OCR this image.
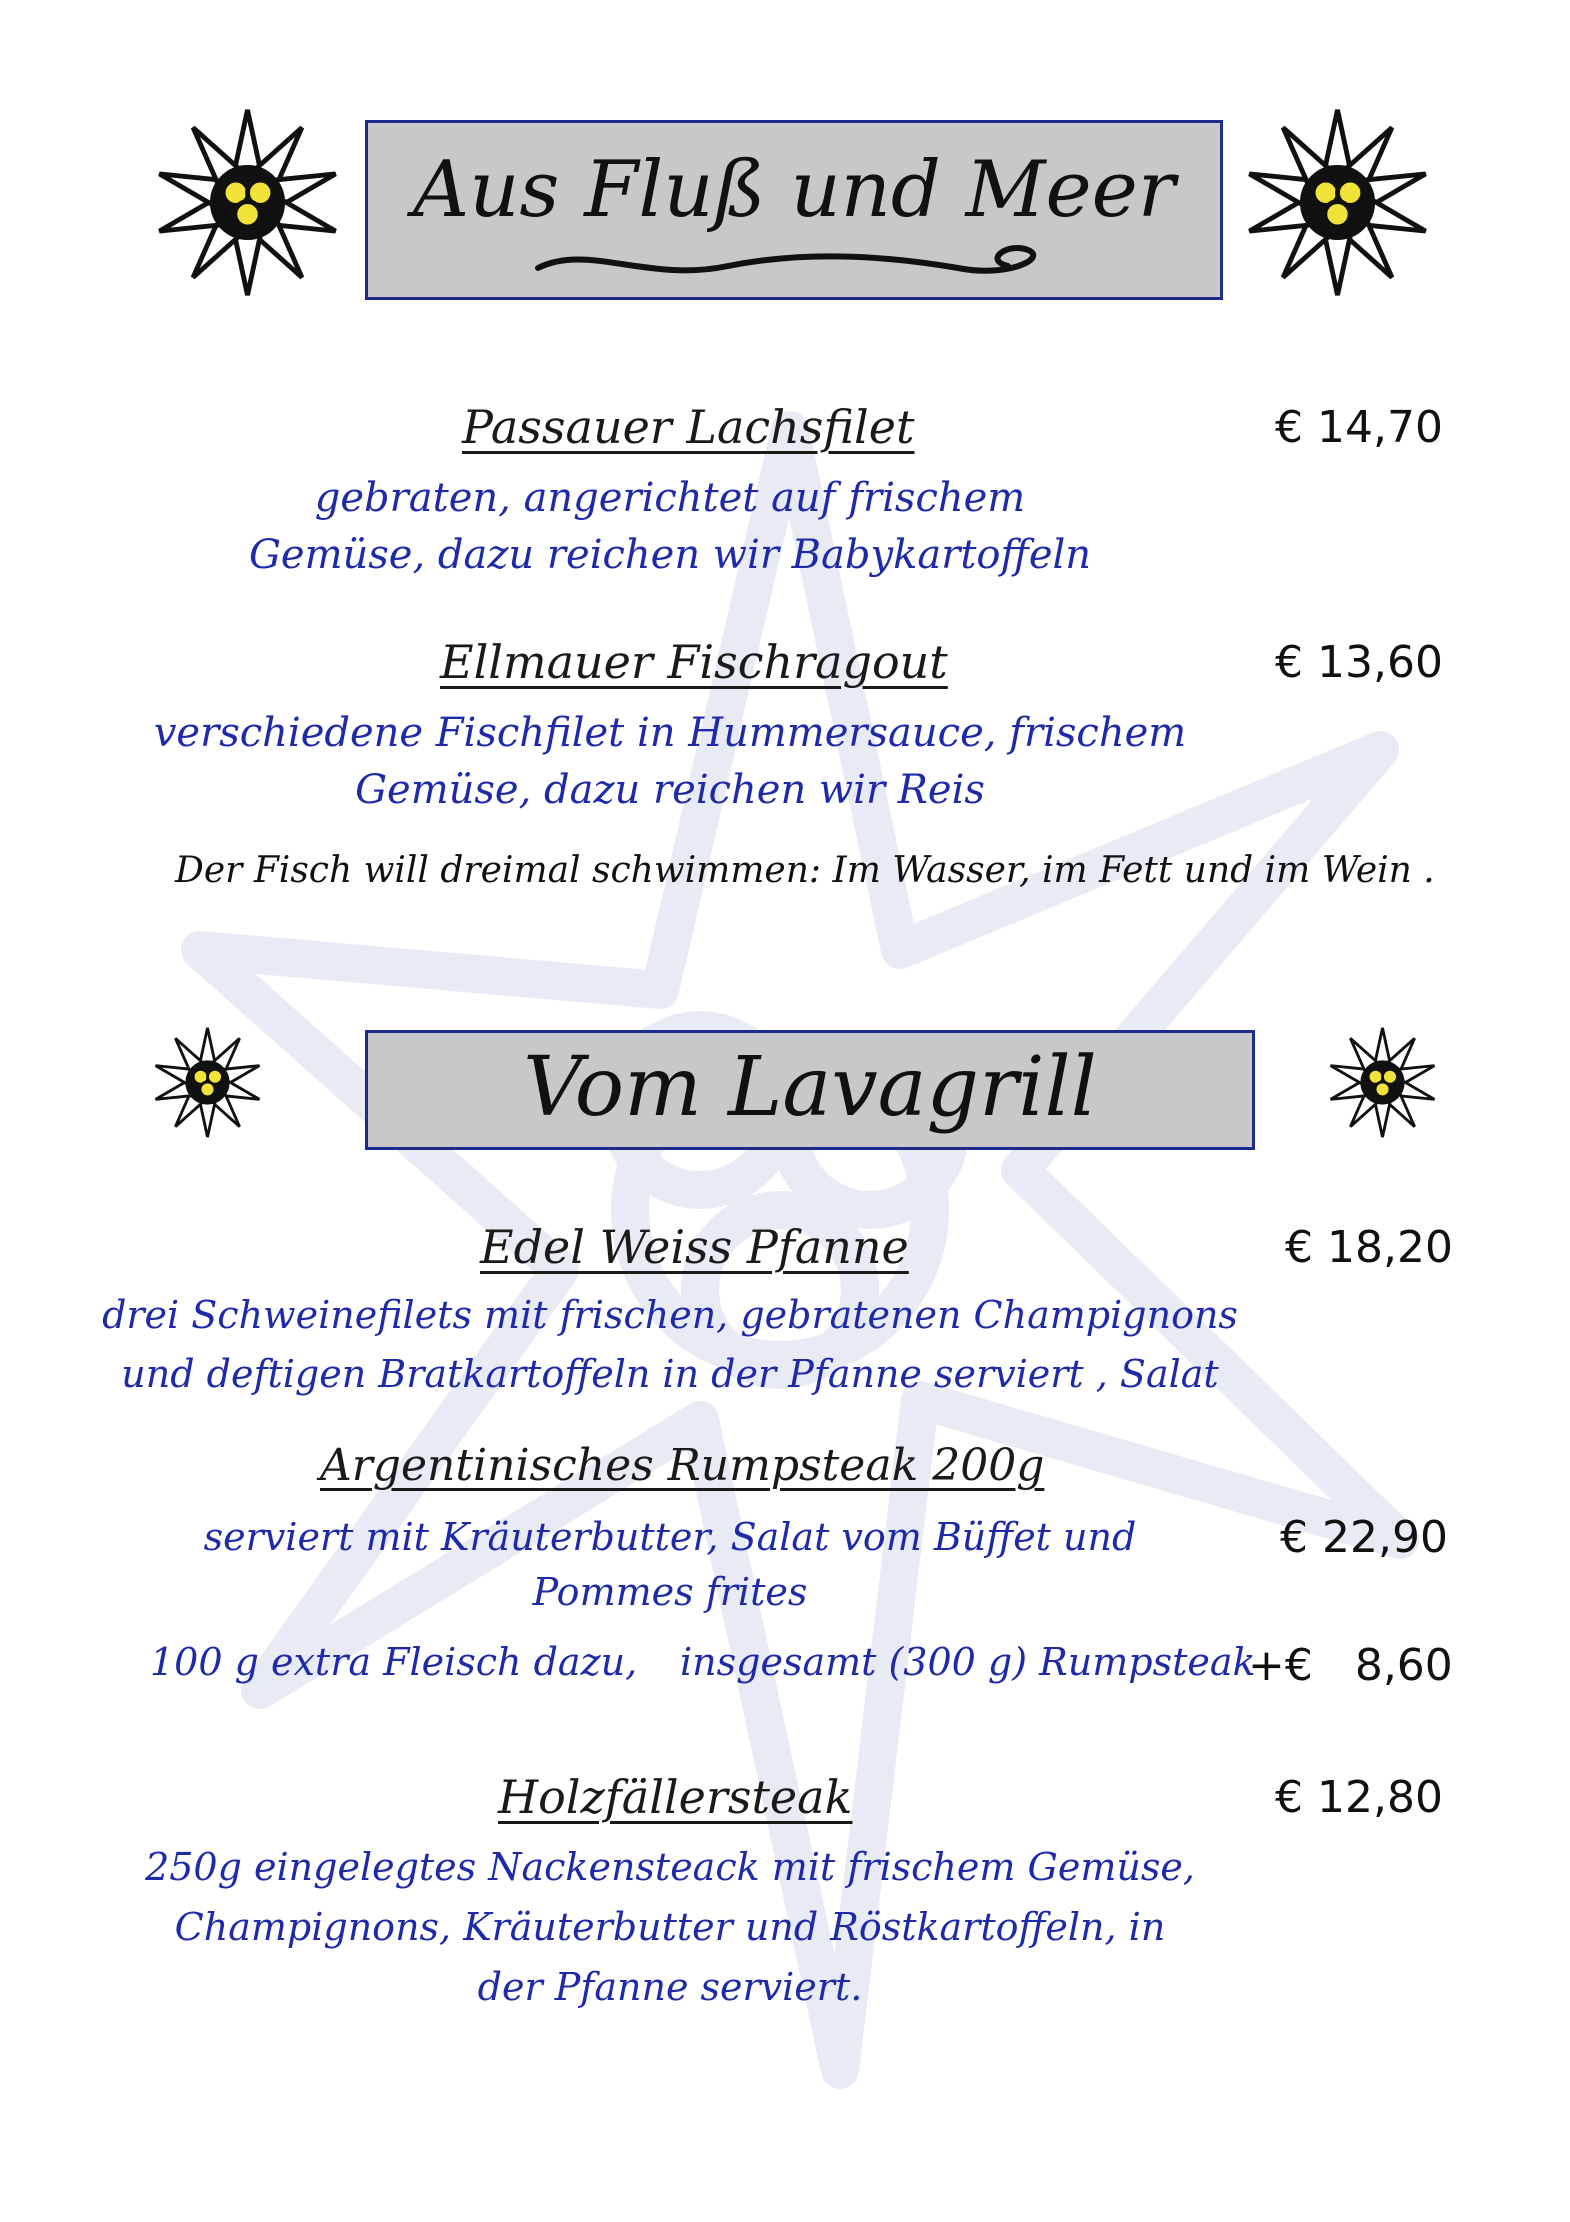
Aus Fluß und Meer
Passauer Lachsfilet	€ 14,70
gebraten, angerichtet auf frischem
Gemüse, dazu reichen wir Babykartoffeln
Ellmauer Fischragout	€ 13,60
verschiedene Fischfilet in Hummersauce, frischem
Gemüse, dazu reichen wir Reis
Der Fisch will dreimal schwimmen: Im Wasser, im Fett und im Wein .
Vom Lavagrill
Edel Weiss Pfanne	€ 18,20
drei Schweinefilets mit frischen, gebratenen Champignons
und deftigen Bratkartoffeln in der Pfanne serviert , Salat
Argentinisches Rumpsteak 200g
serviert mit Kräuterbutter, Salat vom Büffet und	€ 22,90
Pommes frites
100 g extra Fleisch dazu, insgesamt (300 g) Rumpsteak
+€   8,60
Holzfällersteak	€ 12,80
250g eingelegtes Nackensteack mit frischem Gemüse,
Champignons, Kräuterbutter und Röstkartoffeln, in
der Pfanne serviert.
